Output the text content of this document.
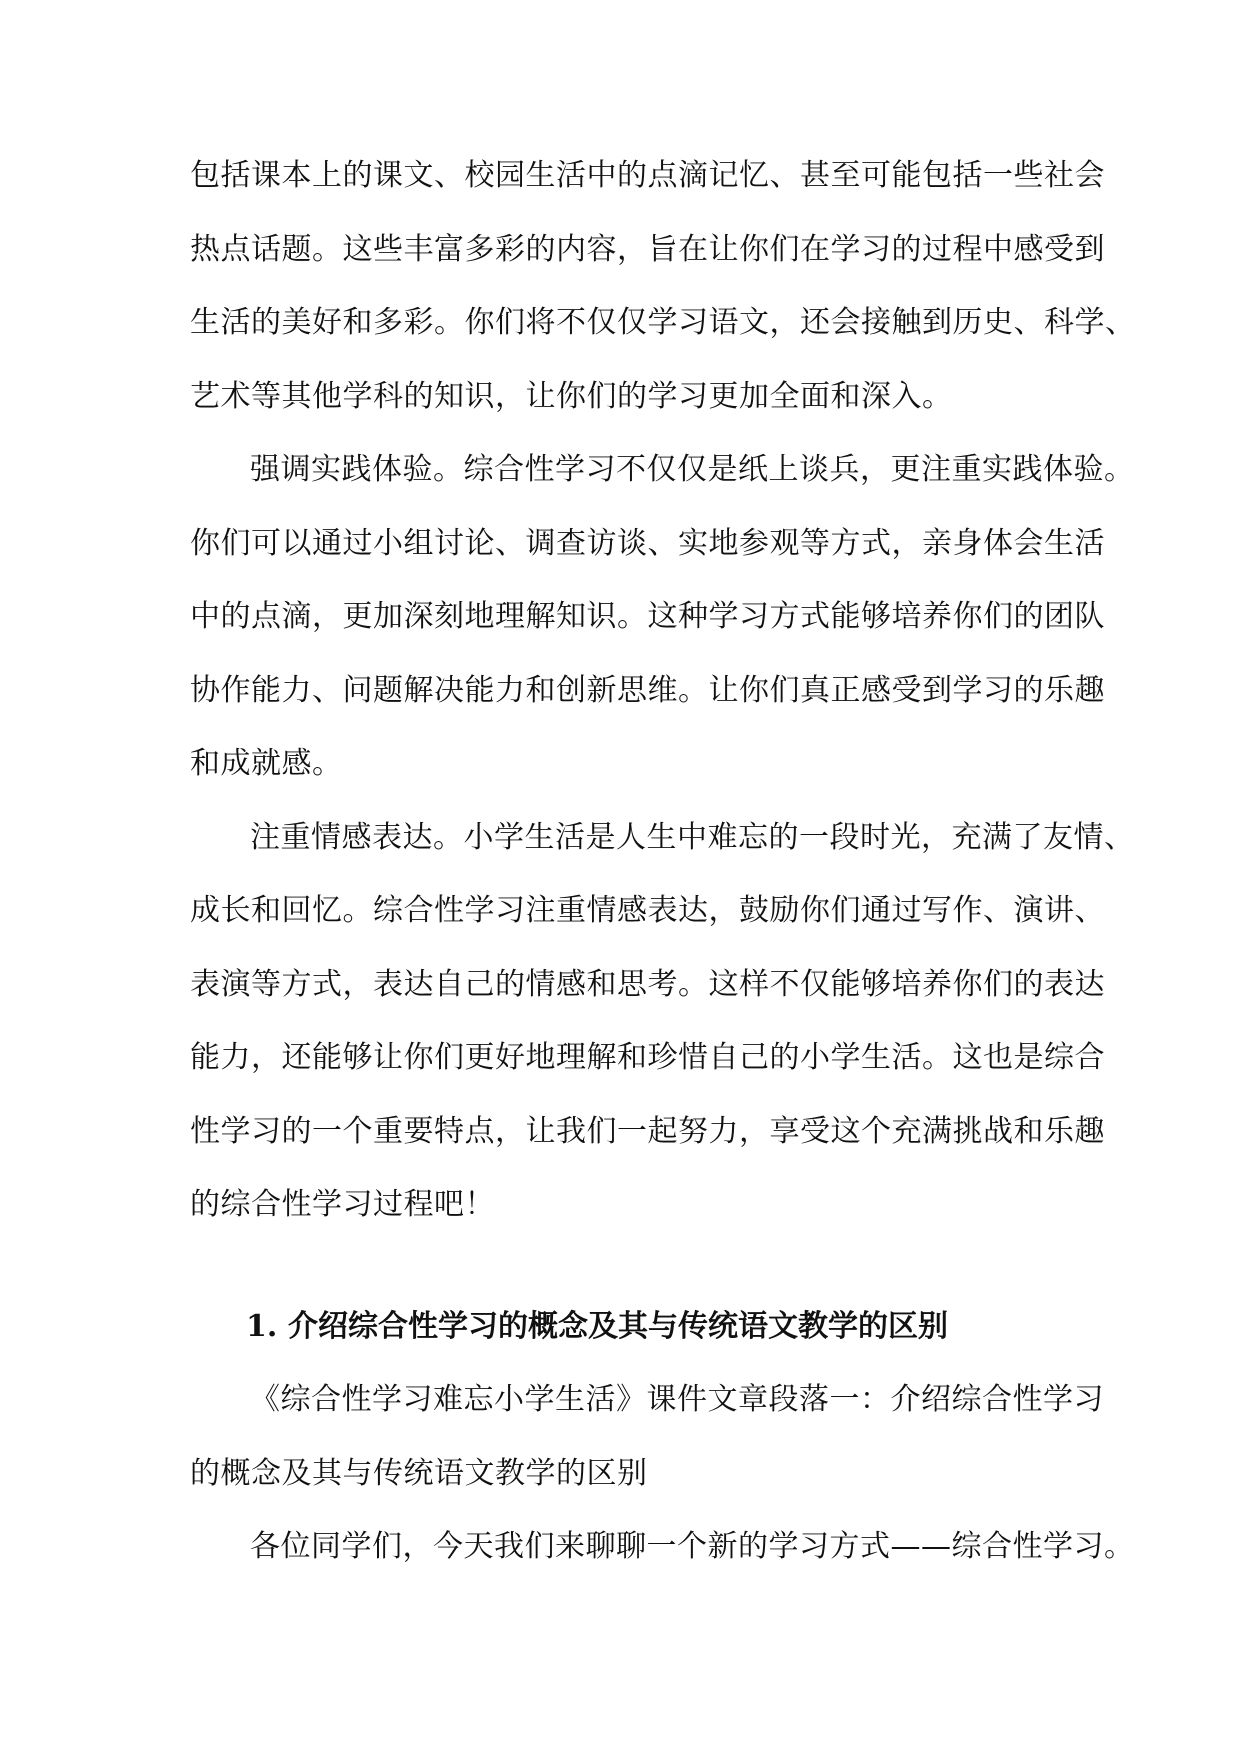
包括课本上的课文、校园生活中的点滴记忆、甚至可能包括一些社会
热点话题。这些丰富多彩的内容，旨在让你们在学习的过程中感受到
生活的美好和多彩。你们将不仅仅学习语文，还会接触到历史、科学、
艺术等其他学科的知识，让你们的学习更加全面和深入。

强调实践体验。综合性学习不仅仅是纸上谈兵，更注重实践体验。
你们可以通过小组讨论、调查访谈、实地参观等方式，亲身体会生活
中的点滴，更加深刻地理解知识。这种学习方式能够培养你们的团队
协作能力、问题解决能力和创新思维。让你们真正感受到学习的乐趣
和成就感。

注重情感表达。小学生活是人生中难忘的一段时光，充满了友情、
成长和回忆。综合性学习注重情感表达，鼓励你们通过写作、演讲、
表演等方式，表达自己的情感和思考。这样不仅能够培养你们的表达
能力，还能够让你们更好地理解和珍惜自己的小学生活。这也是综合
性学习的一个重要特点，让我们一起努力，享受这个充满挑战和乐趣
的综合性学习过程吧！

1. 介绍综合性学习的概念及其与传统语文教学的区别

《综合性学习难忘小学生活》课件文章段落一：介绍综合性学习
的概念及其与传统语文教学的区别

各位同学们，今天我们来聊聊一个新的学习方式——综合性学习。
